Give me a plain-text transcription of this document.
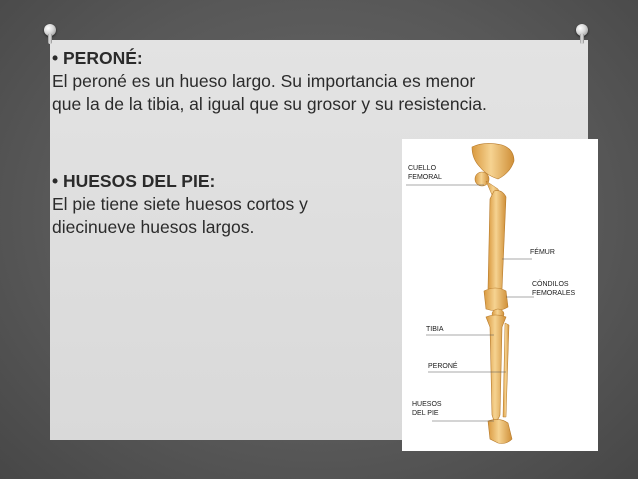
• PERONÉ:
El peroné es un hueso largo. Su importancia es menor
que la de la tibia, al igual que su grosor y su resistencia.
• HUESOS DEL PIE:
El pie tiene siete huesos cortos y
diecinueve huesos largos.
CUELLO
FEMORAL
FÉMUR
CÓNDILOS
FEMORALES
TIBIA
PERONÉ
HUESOS
DEL PIE
